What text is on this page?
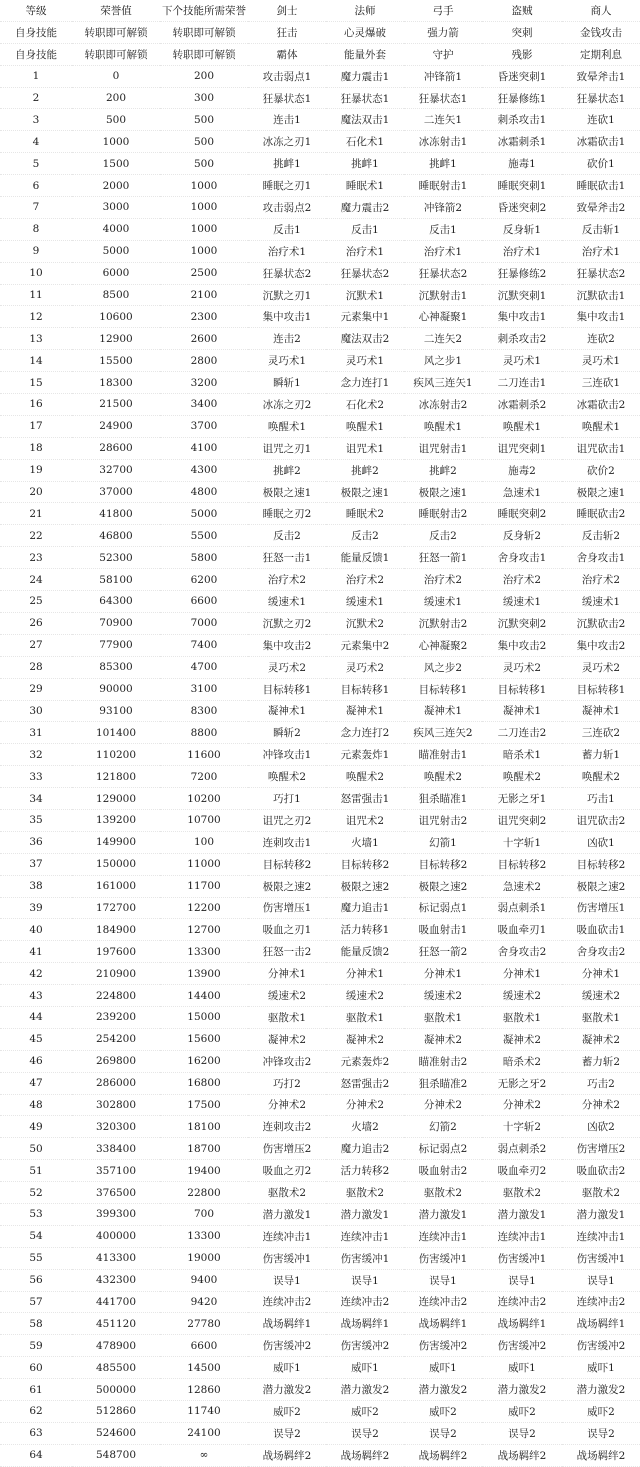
等级	荣誉值	下个技能所需荣誉	剑士	法师	弓手	盗贼	商人
自身技能	转职即可解锁	转职即可解锁	狂击	心灵爆破	强力箭	突刺	金钱攻击
自身技能	转职即可解锁	转职即可解锁	霸体	能量外套	守护	残影	定期利息
1	0	200	攻击弱点1	魔力震击1	冲锋箭1	昏迷突刺1	致晕斧击1
2	200	300	狂暴状态1	狂暴状态1	狂暴状态1	狂暴修练1	狂暴状态1
3	500	500	连击1	魔法双击1	二连矢1	刺杀攻击1	连砍1
4	1000	500	冰冻之刃1	石化术1	冰冻射击1	冰霜刺杀1	冰霜砍击1
5	1500	500	挑衅1	挑衅1	挑衅1	施毒1	砍价1
6	2000	1000	睡眠之刃1	睡眠术1	睡眠射击1	睡眠突刺1	睡眠砍击1
7	3000	1000	攻击弱点2	魔力震击2	冲锋箭2	昏迷突刺2	致晕斧击2
8	4000	1000	反击1	反击1	反击1	反身斩1	反击斩1
9	5000	1000	治疗术1	治疗术1	治疗术1	治疗术1	治疗术1
10	6000	2500	狂暴状态2	狂暴状态2	狂暴状态2	狂暴修练2	狂暴状态2
11	8500	2100	沉默之刃1	沉默术1	沉默射击1	沉默突刺1	沉默砍击1
12	10600	2300	集中攻击1	元素集中1	心神凝聚1	集中攻击1	集中攻击1
13	12900	2600	连击2	魔法双击2	二连矢2	刺杀攻击2	连砍2
14	15500	2800	灵巧术1	灵巧术1	风之步1	灵巧术1	灵巧术1
15	18300	3200	瞬斩1	念力连打1	疾风三连矢1	二刀连击1	三连砍1
16	21500	3400	冰冻之刃2	石化术2	冰冻射击2	冰霜刺杀2	冰霜砍击2
17	24900	3700	唤醒术1	唤醒术1	唤醒术1	唤醒术1	唤醒术1
18	28600	4100	诅咒之刃1	诅咒术1	诅咒射击1	诅咒突刺1	诅咒砍击1
19	32700	4300	挑衅2	挑衅2	挑衅2	施毒2	砍价2
20	37000	4800	极限之速1	极限之速1	极限之速1	急速术1	极限之速1
21	41800	5000	睡眠之刃2	睡眠术2	睡眠射击2	睡眠突刺2	睡眠砍击2
22	46800	5500	反击2	反击2	反击2	反身斩2	反击斩2
23	52300	5800	狂怒一击1	能量反馈1	狂怒一箭1	舍身攻击1	舍身攻击1
24	58100	6200	治疗术2	治疗术2	治疗术2	治疗术2	治疗术2
25	64300	6600	缓速术1	缓速术1	缓速术1	缓速术1	缓速术1
26	70900	7000	沉默之刃2	沉默术2	沉默射击2	沉默突刺2	沉默砍击2
27	77900	7400	集中攻击2	元素集中2	心神凝聚2	集中攻击2	集中攻击2
28	85300	4700	灵巧术2	灵巧术2	风之步2	灵巧术2	灵巧术2
29	90000	3100	目标转移1	目标转移1	目标转移1	目标转移1	目标转移1
30	93100	8300	凝神术1	凝神术1	凝神术1	凝神术1	凝神术1
31	101400	8800	瞬斩2	念力连打2	疾风三连矢2	二刀连击2	三连砍2
32	110200	11600	冲锋攻击1	元素轰炸1	瞄准射击1	暗杀术1	蓄力斩1
33	121800	7200	唤醒术2	唤醒术2	唤醒术2	唤醒术2	唤醒术2
34	129000	10200	巧打1	怒雷强击1	狙杀瞄准1	无影之牙1	巧击1
35	139200	10700	诅咒之刃2	诅咒术2	诅咒射击2	诅咒突刺2	诅咒砍击2
36	149900	100	连刺攻击1	火墙1	幻箭1	十字斩1	凶砍1
37	150000	11000	目标转移2	目标转移2	目标转移2	目标转移2	目标转移2
38	161000	11700	极限之速2	极限之速2	极限之速2	急速术2	极限之速2
39	172700	12200	伤害增压1	魔力追击1	标记弱点1	弱点刺杀1	伤害增压1
40	184900	12700	吸血之刃1	活力转移1	吸血射击1	吸血牵刃1	吸血砍击1
41	197600	13300	狂怒一击2	能量反馈2	狂怒一箭2	舍身攻击2	舍身攻击2
42	210900	13900	分神术1	分神术1	分神术1	分神术1	分神术1
43	224800	14400	缓速术2	缓速术2	缓速术2	缓速术2	缓速术2
44	239200	15000	驱散术1	驱散术1	驱散术1	驱散术1	驱散术1
45	254200	15600	凝神术2	凝神术2	凝神术2	凝神术2	凝神术2
46	269800	16200	冲锋攻击2	元素轰炸2	瞄准射击2	暗杀术2	蓄力斩2
47	286000	16800	巧打2	怒雷强击2	狙杀瞄准2	无影之牙2	巧击2
48	302800	17500	分神术2	分神术2	分神术2	分神术2	分神术2
49	320300	18100	连刺攻击2	火墙2	幻箭2	十字斩2	凶砍2
50	338400	18700	伤害增压2	魔力追击2	标记弱点2	弱点刺杀2	伤害增压2
51	357100	19400	吸血之刃2	活力转移2	吸血射击2	吸血牵刃2	吸血砍击2
52	376500	22800	驱散术2	驱散术2	驱散术2	驱散术2	驱散术2
53	399300	700	潜力激发1	潜力激发1	潜力激发1	潜力激发1	潜力激发1
54	400000	13300	连续冲击1	连续冲击1	连续冲击1	连续冲击1	连续冲击1
55	413300	19000	伤害缓冲1	伤害缓冲1	伤害缓冲1	伤害缓冲1	伤害缓冲1
56	432300	9400	误导1	误导1	误导1	误导1	误导1
57	441700	9420	连续冲击2	连续冲击2	连续冲击2	连续冲击2	连续冲击2
58	451120	27780	战场羁绊1	战场羁绊1	战场羁绊1	战场羁绊1	战场羁绊1
59	478900	6600	伤害缓冲2	伤害缓冲2	伤害缓冲2	伤害缓冲2	伤害缓冲2
60	485500	14500	威吓1	威吓1	威吓1	威吓1	威吓1
61	500000	12860	潜力激发2	潜力激发2	潜力激发2	潜力激发2	潜力激发2
62	512860	11740	威吓2	威吓2	威吓2	威吓2	威吓2
63	524600	24100	误导2	误导2	误导2	误导2	误导2
64	548700	∞	战场羁绊2	战场羁绊2	战场羁绊2	战场羁绊2	战场羁绊2
